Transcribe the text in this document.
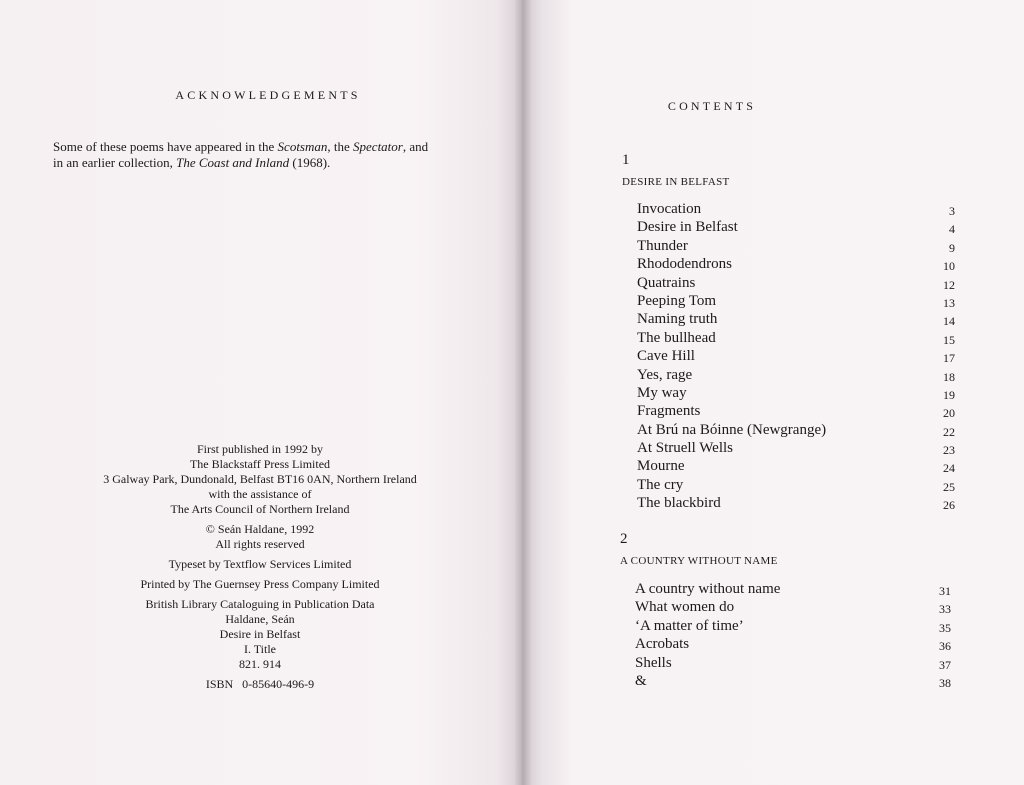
ACKNOWLEDGEMENTS
Some of these poems have appeared in the Scotsman, the Spectator, and
in an earlier collection, The Coast and Inland (1968).
First published in 1992 by
The Blackstaff Press Limited
3 Galway Park, Dundonald, Belfast BT16 0AN, Northern Ireland
with the assistance of
The Arts Council of Northern Ireland
© Seán Haldane, 1992
All rights reserved
Typeset by Textflow Services Limited
Printed by The Guernsey Press Company Limited
British Library Cataloguing in Publication Data
Haldane, Seán
Desire in Belfast
I. Title
821. 914
ISBN   0-85640-496-9
CONTENTS
1
DESIRE IN BELFAST
Invocation	3
Desire in Belfast	4
Thunder	9
Rhododendrons	10
Quatrains	12
Peeping Tom	13
Naming truth	14
The bullhead	15
Cave Hill	17
Yes, rage	18
My way	19
Fragments	20
At Brú na Bóinne (Newgrange)	22
At Struell Wells	23
Mourne	24
The cry	25
The blackbird	26
2
A COUNTRY WITHOUT NAME
A country without name	31
What women do	33
‘A matter of time’	35
Acrobats	36
Shells	37
&	38
